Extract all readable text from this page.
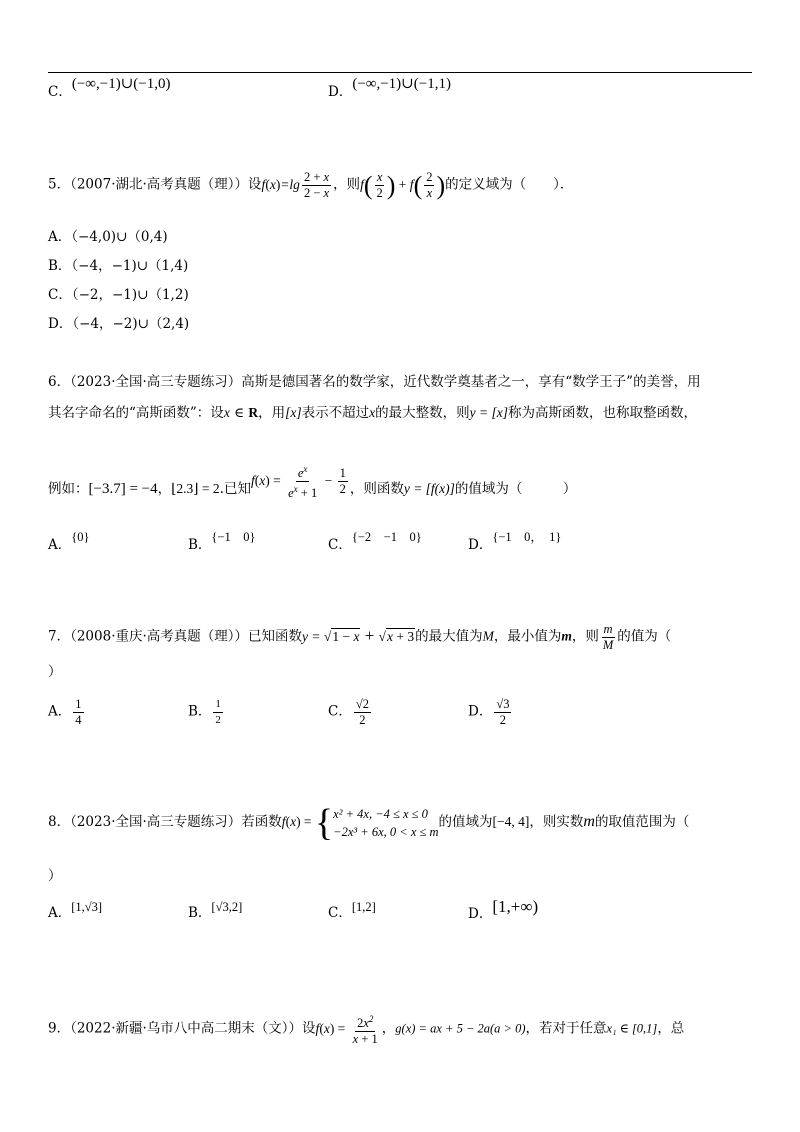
C．(−∞,−1)∪(−1,0)	D．(−∞,−1)∪(−1,1)
5．（2007·湖北·高考真题（理））设$f(x)=\lg \frac{2 + x}{2 - x}$ ，则$f( \frac{x}{2}$ ) + $f( \frac{2}{x}$ )的定义域为（　　）．
A．（−4,0)∪（0,4)
B．（−4，−1)∪（1,4)
C．（−2，−1)∪（1,2)
D．（−4，−2)∪（2,4)
6．（2023·全国·高三专题练习）高斯是德国著名的数学家，近代数学奠基者之一，享有“数学王子”的美誉，用
其名字命名的“高斯函数”：设x ∈ R，用[x]表示不超过x的最大整数，则y = [x]称为高斯函数，也称取整函数，
例如：[−3.7] = −4，⌊2.3⌋ = 2.已知$f(x) = \frac{e^x}{e^x + 1} - \frac{1}{2}$ ，则函数y = [f(x)]的值域为（　　　）
A．{0}	B．{−1　0}	C．{−2　−1　0}	D．{−1　0，　1}
7．（2008·重庆·高考真题（理））已知函数y = √1 − x + √x + 3的最大值为M，最小值为m，则 $\frac{m}{M}$ 的值为（
）
A． $\frac{1}{4}$	B． $\frac{1}{2}$	C． $\frac{√2}{2}$	D． $\frac{√3}{2}$
8．（2023·全国·高三专题练习）若函数f(x) = { x² + 4x, −4 ≤ x ≤ 0
−2x³ + 6x, 0 < x ≤ m
的值域为[−4, 4]，则实数m的取值范围为（
）
A．[1,√3]	B．[√3,2]	C．[1,2]	D．[1,+∞)
9．（2022·新疆·乌市八中高二期末（文））设$f(x) = \frac{2x^2}{x + 1}$ ，g(x) = ax + 5 − 2a(a > 0)，若对于任意x₁ ∈ [0,1]，总
